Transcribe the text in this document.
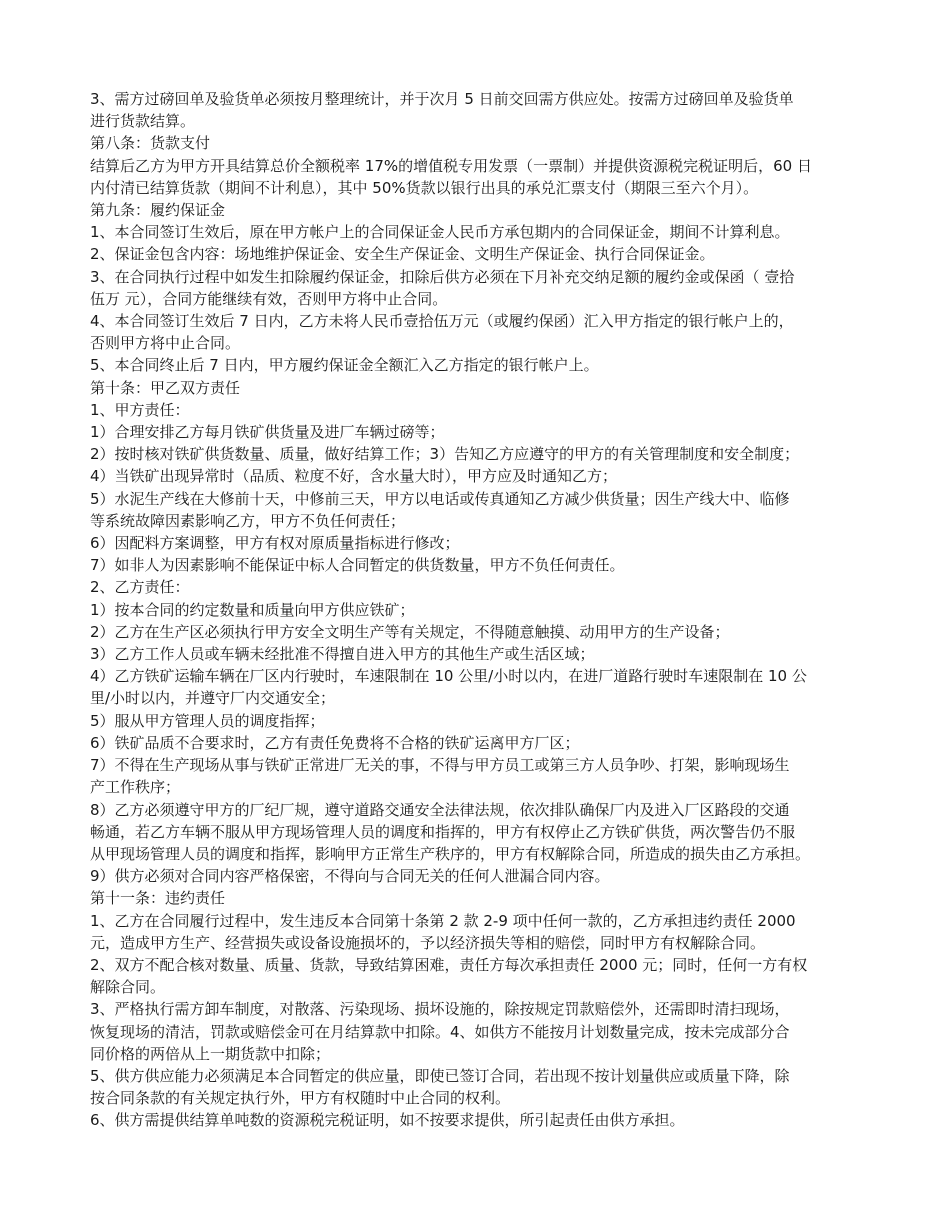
3、需方过磅回单及验货单必须按月整理统计，并于次月 5 日前交回需方供应处。按需方过磅回单及验货单

进行货款结算。

第八条：货款支付

结算后乙方为甲方开具结算总价全额税率 17%的增值税专用发票（一票制）并提供资源税完税证明后，60 日

内付清已结算货款（期间不计利息），其中 50%货款以银行出具的承兑汇票支付（期限三至六个月）。

第九条：履约保证金

1、本合同签订生效后，原在甲方帐户上的合同保证金人民币方承包期内的合同保证金，期间不计算利息。

2、保证金包含内容：场地维护保证金、安全生产保证金、文明生产保证金、执行合同保证金。

3、在合同执行过程中如发生扣除履约保证金，扣除后供方必须在下月补充交纳足额的履约金或保函（ 壹拾

伍万 元），合同方能继续有效，否则甲方将中止合同。

4、本合同签订生效后 7 日内，乙方未将人民币壹拾伍万元（或履约保函）汇入甲方指定的银行帐户上的，

否则甲方将中止合同。

5、本合同终止后 7 日内，甲方履约保证金全额汇入乙方指定的银行帐户上。

第十条：甲乙双方责任

1、甲方责任：

1）合理安排乙方每月铁矿供货量及进厂车辆过磅等；

2）按时核对铁矿供货数量、质量，做好结算工作；3）告知乙方应遵守的甲方的有关管理制度和安全制度；

4）当铁矿出现异常时（品质、粒度不好，含水量大时），甲方应及时通知乙方；

5）水泥生产线在大修前十天，中修前三天，甲方以电话或传真通知乙方减少供货量；因生产线大中、临修

等系统故障因素影响乙方，甲方不负任何责任；

6）因配料方案调整，甲方有权对原质量指标进行修改；

7）如非人为因素影响不能保证中标人合同暂定的供货数量，甲方不负任何责任。

2、乙方责任：

1）按本合同的约定数量和质量向甲方供应铁矿；

2）乙方在生产区必须执行甲方安全文明生产等有关规定，不得随意触摸、动用甲方的生产设备；

3）乙方工作人员或车辆未经批准不得擅自进入甲方的其他生产或生活区域；

4）乙方铁矿运输车辆在厂区内行驶时，车速限制在 10 公里/小时以内，在进厂道路行驶时车速限制在 10 公

里/小时以内，并遵守厂内交通安全；

5）服从甲方管理人员的调度指挥；

6）铁矿品质不合要求时，乙方有责任免费将不合格的铁矿运离甲方厂区；

7）不得在生产现场从事与铁矿正常进厂无关的事，不得与甲方员工或第三方人员争吵、打架，影响现场生

产工作秩序；

8）乙方必须遵守甲方的厂纪厂规，遵守道路交通安全法律法规，依次排队确保厂内及进入厂区路段的交通

畅通，若乙方车辆不服从甲方现场管理人员的调度和指挥的，甲方有权停止乙方铁矿供货，两次警告仍不服

从甲现场管理人员的调度和指挥，影响甲方正常生产秩序的，甲方有权解除合同，所造成的损失由乙方承担。

9）供方必须对合同内容严格保密，不得向与合同无关的任何人泄漏合同内容。

第十一条：违约责任

1、乙方在合同履行过程中，发生违反本合同第十条第 2 款 2-9 项中任何一款的，乙方承担违约责任 2000

元，造成甲方生产、经营损失或设备设施损坏的，予以经济损失等相的赔偿，同时甲方有权解除合同。

2、双方不配合核对数量、质量、货款，导致结算困难，责任方每次承担责任 2000 元；同时，任何一方有权

解除合同。

3、严格执行需方卸车制度，对散落、污染现场、损坏设施的，除按规定罚款赔偿外，还需即时清扫现场，

恢复现场的清洁，罚款或赔偿金可在月结算款中扣除。4、如供方不能按月计划数量完成，按未完成部分合

同价格的两倍从上一期货款中扣除；

5、供方供应能力必须满足本合同暂定的供应量，即使已签订合同，若出现不按计划量供应或质量下降，除

按合同条款的有关规定执行外，甲方有权随时中止合同的权利。

6、供方需提供结算单吨数的资源税完税证明，如不按要求提供，所引起责任由供方承担。
